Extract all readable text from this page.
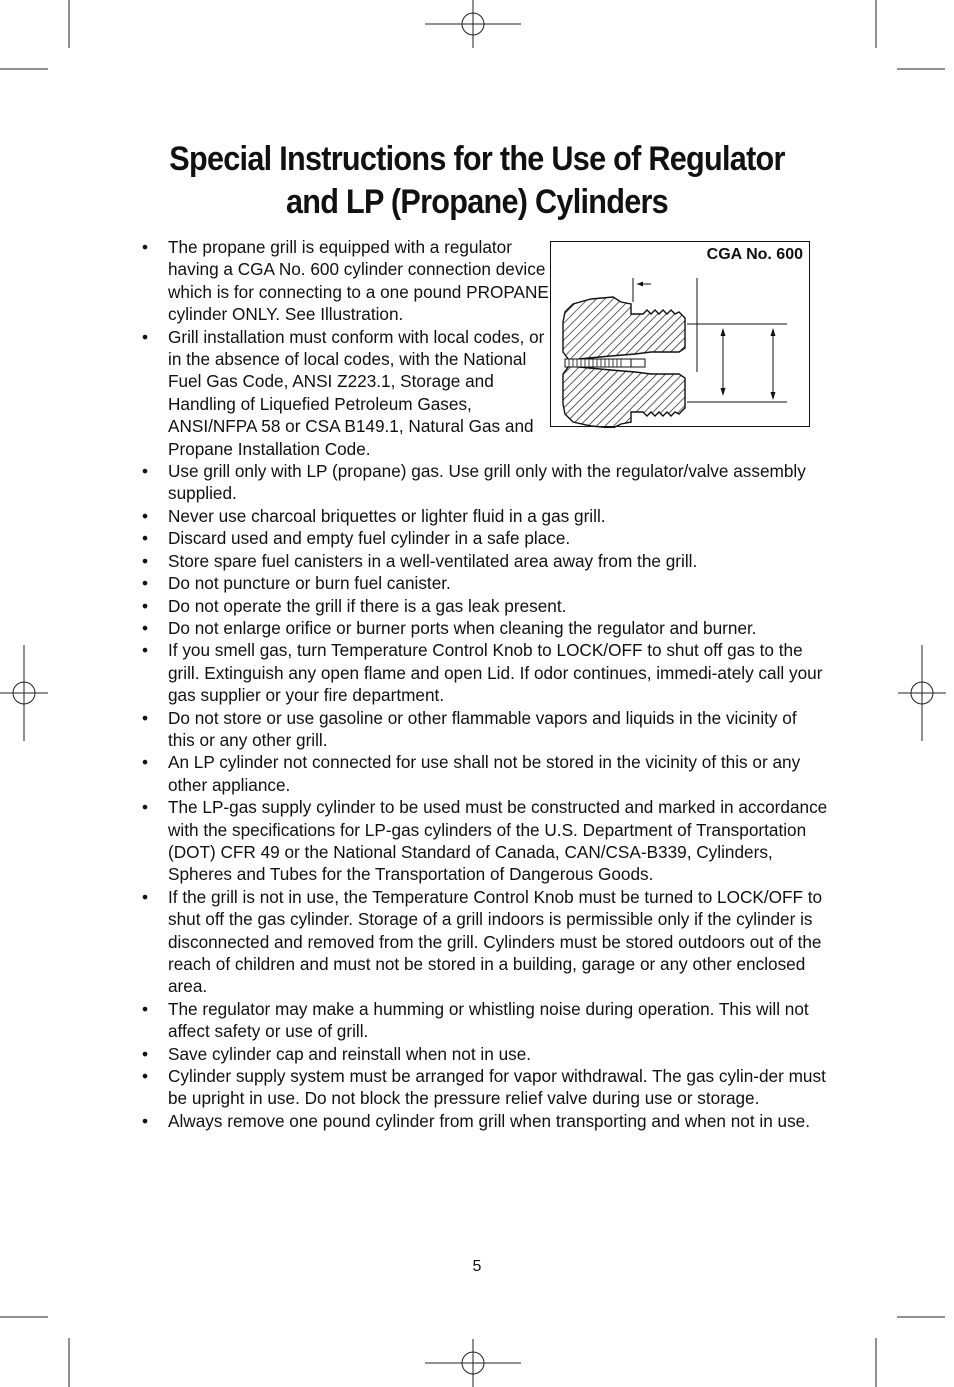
Special Instructions for the Use of Regulator
and LP (Propane) Cylinders
CGA No. 600
• The propane grill is equipped with a regulator having a CGA No. 600 cylinder connection device which is for connecting to a one pound PROPANE cylinder ONLY. See Illustration.
• Grill installation must conform with local codes, or in the absence of local codes, with the National Fuel Gas Code, ANSI Z223.1, Storage and Handling of Liquefied Petroleum Gases, ANSI/NFPA 58 or CSA B149.1, Natural Gas and Propane Installation Code.
• Use grill only with LP (propane) gas. Use grill only with the regulator/valve assembly supplied.
• Never use charcoal briquettes or lighter fluid in a gas grill.
• Discard used and empty fuel cylinder in a safe place.
• Store spare fuel canisters in a well-ventilated area away from the grill.
• Do not puncture or burn fuel canister.
• Do not operate the grill if there is a gas leak present.
• Do not enlarge orifice or burner ports when cleaning the regulator and burner.
• If you smell gas, turn Temperature Control Knob to LOCK/OFF to shut off gas to the grill. Extinguish any open flame and open Lid. If odor continues, immedi-ately call your gas supplier or your fire department.
• Do not store or use gasoline or other flammable vapors and liquids in the vicinity of this or any other grill.
• An LP cylinder not connected for use shall not be stored in the vicinity of this or any other appliance.
• The LP-gas supply cylinder to be used must be constructed and marked in accordance with the specifications for LP-gas cylinders of the U.S. Department of Transportation (DOT) CFR 49 or the National Standard of Canada, CAN/CSA-B339, Cylinders, Spheres and Tubes for the Transportation of Dangerous Goods.
• If the grill is not in use, the Temperature Control Knob must be turned to LOCK/OFF to shut off the gas cylinder. Storage of a grill indoors is permissible only if the cylinder is disconnected and removed from the grill. Cylinders must be stored outdoors out of the reach of children and must not be stored in a building, garage or any other enclosed area.
• The regulator may make a humming or whistling noise during operation. This will not affect safety or use of grill.
• Save cylinder cap and reinstall when not in use.
• Cylinder supply system must be arranged for vapor withdrawal. The gas cylin-der must be upright in use. Do not block the pressure relief valve during use or storage.
• Always remove one pound cylinder from grill when transporting and when not in use.
5
